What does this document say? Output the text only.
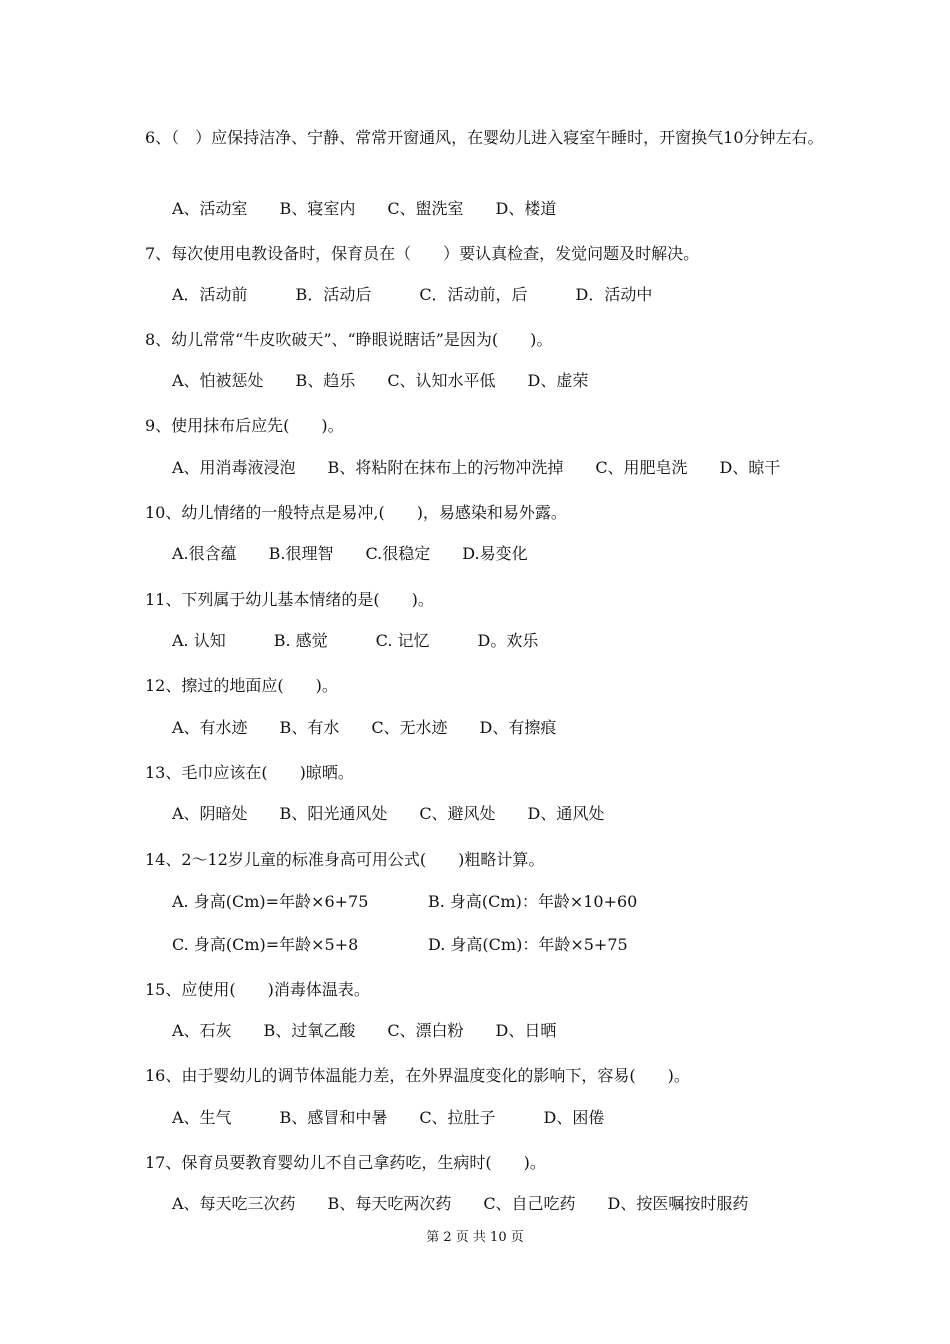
6、（　）应保持洁净、宁静、常常开窗通风，在婴幼儿进入寝室午睡时，开窗换气10分钟左右。
A、活动室　　B、寝室内　　C、盥洗室　　D、楼道
7、每次使用电教设备时，保育员在（　　）要认真检查，发觉问题及时解决。
A．活动前　　　B．活动后　　　C．活动前，后　　　D．活动中
8、幼儿常常“牛皮吹破天”、“睁眼说瞎话”是因为(　　)。
A、怕被惩处　　B、趋乐　　C、认知水平低　　D、虚荣
9、使用抹布后应先(　　)。
A、用消毒液浸泡　　B、将粘附在抹布上的污物冲洗掉　　C、用肥皂洗　　D、晾干
10、幼儿情绪的一般特点是易冲,(　　)，易感染和易外露。
A.很含蕴　　B.很理智　　C.很稳定　　D.易变化
11、下列属于幼儿基本情绪的是(　　)。
A. 认知　　　B. 感觉　　　C. 记忆　　　D。欢乐
12、擦过的地面应(　　)。
A、有水迹　　B、有水　　C、无水迹　　D、有擦痕
13、毛巾应该在(　　)晾晒。
A、阴暗处　　B、阳光通风处　　C、避风处　　D、通风处
14、2～12岁儿童的标准身高可用公式(　　)粗略计算。
A. 身高(Cm)=年龄×6+75	B. 身高(Cm)：年龄×10+60
C. 身高(Cm)=年龄×5+8	D. 身高(Cm)：年龄×5+75
15、应使用(　　)消毒体温表。
A、石灰　　B、过氧乙酸　　C、漂白粉　　D、日晒
16、由于婴幼儿的调节体温能力差，在外界温度变化的影响下，容易(　　)。
A、生气　　　B、感冒和中暑　　C、拉肚子　　　D、困倦
17、保育员要教育婴幼儿不自己拿药吃，生病时(　　)。
A、每天吃三次药　　B、每天吃两次药　　C、自己吃药　　D、按医嘱按时服药
第 2 页 共 10 页
